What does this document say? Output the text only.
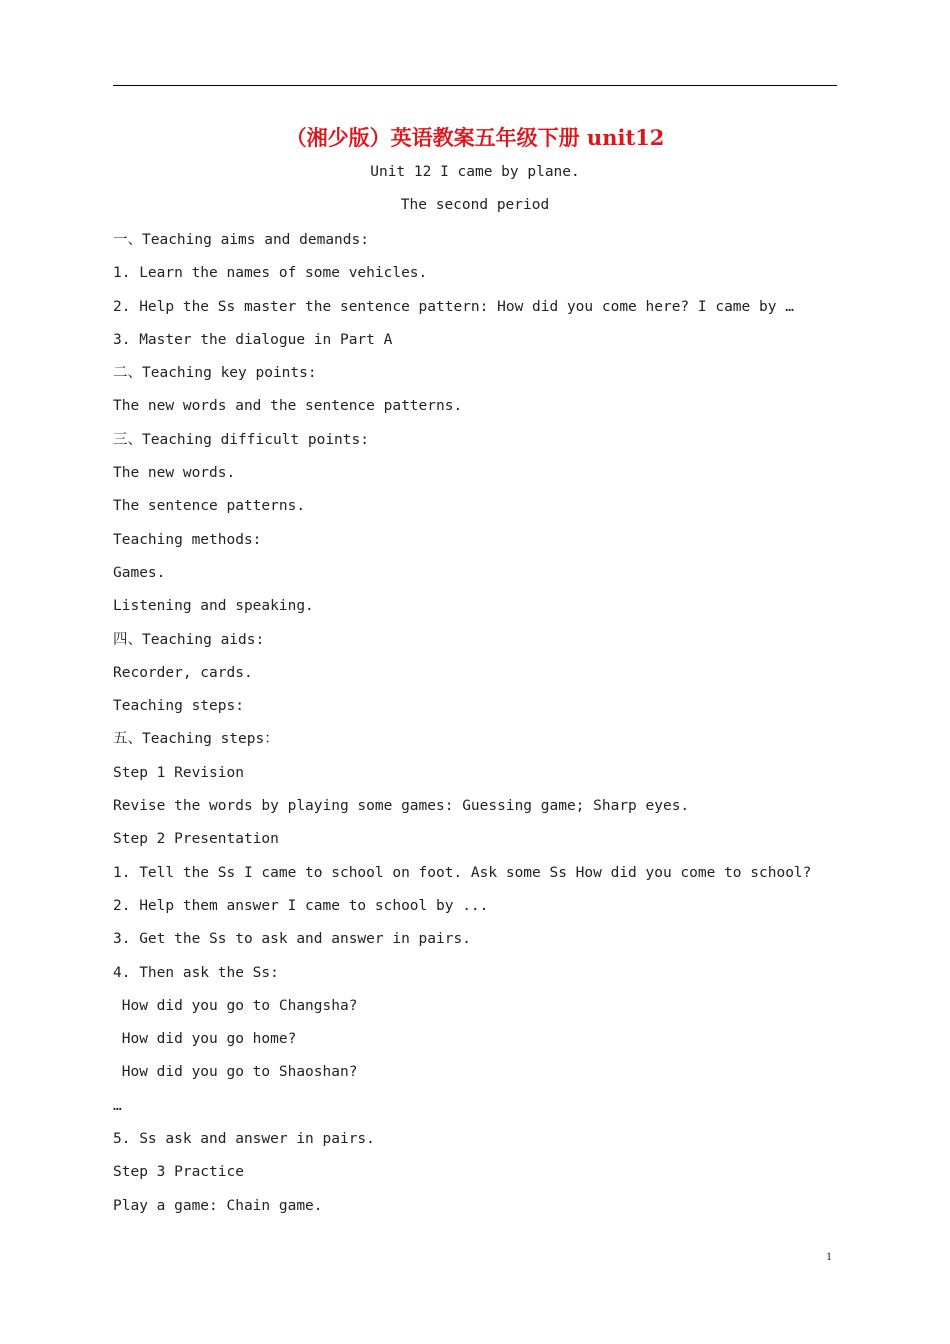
（湘少版）英语教案五年级下册 unit12
Unit 12 I came by plane.
The second period
一、Teaching aims and demands:
1. Learn the names of some vehicles.
2. Help the Ss master the sentence pattern: How did you come here? I came by …
3. Master the dialogue in Part A
二、Teaching key points:
The new words and the sentence patterns.
三、Teaching difficult points:
The new words.
The sentence patterns.
Teaching methods:
Games.
Listening and speaking.
四、Teaching aids:
Recorder, cards.
Teaching steps:
五、Teaching steps：
Step 1 Revision
Revise the words by playing some games: Guessing game; Sharp eyes.
Step 2 Presentation
1. Tell the Ss I came to school on foot. Ask some Ss How did you come to school?
2. Help them answer I came to school by ...
3. Get the Ss to ask and answer in pairs.
4. Then ask the Ss:
How did you go to Changsha?
How did you go home?
How did you go to Shaoshan?
…
5. Ss ask and answer in pairs.
Step 3 Practice
Play a game: Chain game.
1
